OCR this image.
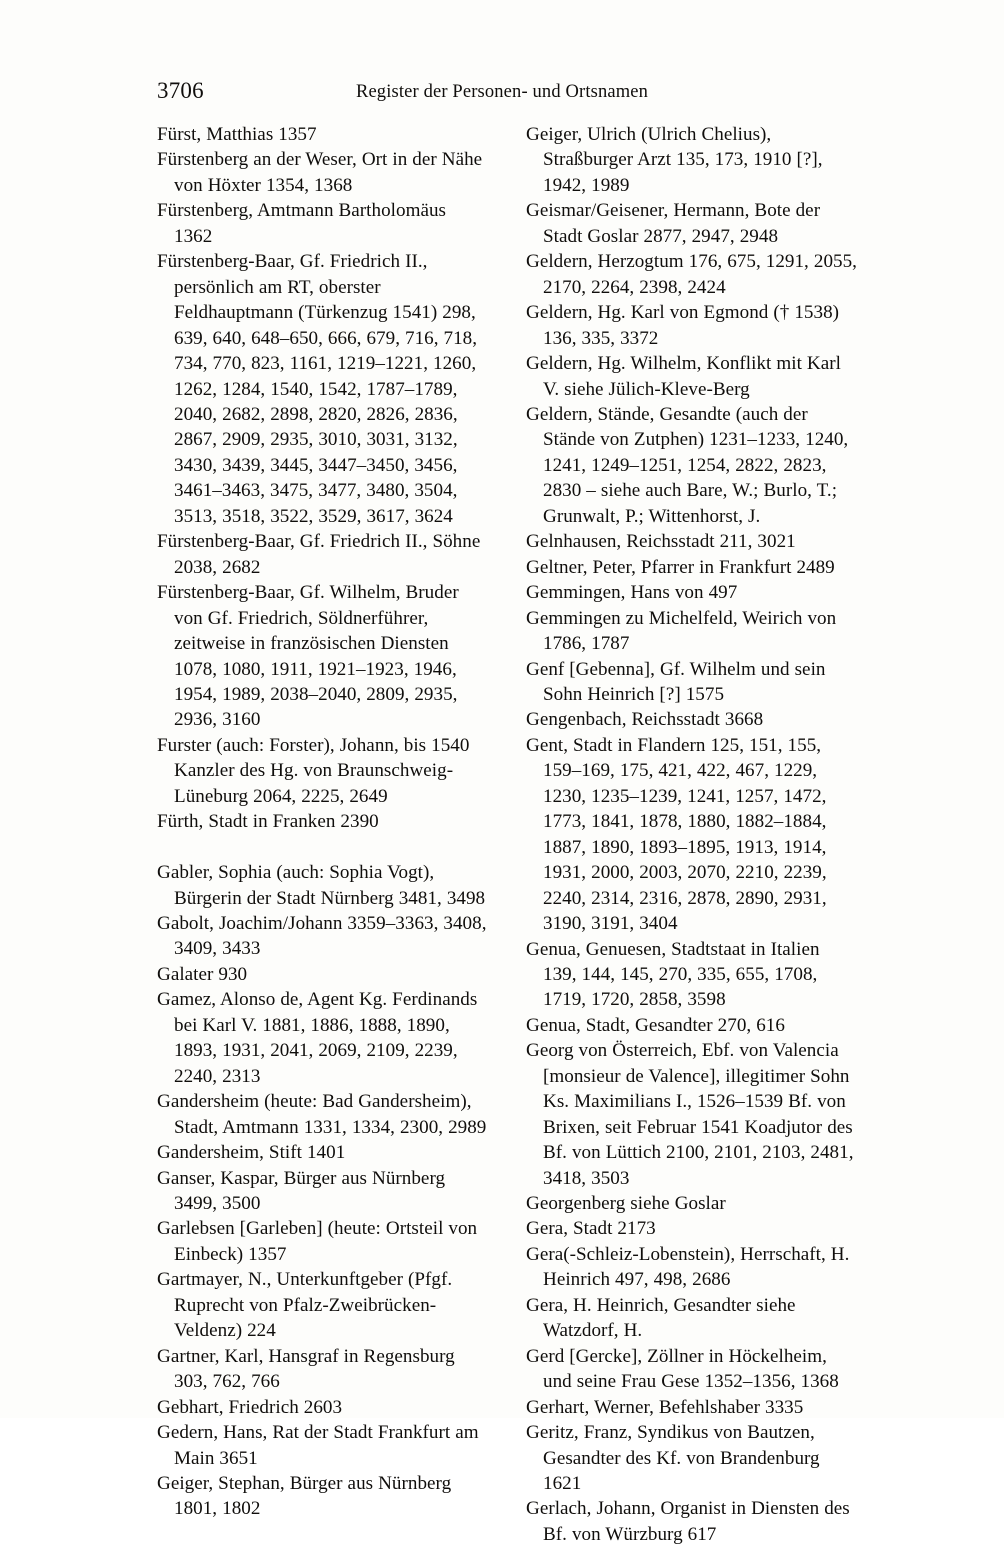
3706	Register der Personen- und Ortsnamen

Fürst, Matthias 1357

Fürstenberg an der Weser, Ort in der Nähe von Höxter 1354, 1368

Fürstenberg, Amtmann Bartholomäus 1362

Fürstenberg-Baar, Gf. Friedrich II., persönlich am RT, oberster Feldhauptmann (Türkenzug 1541) 298, 639, 640, 648–650, 666, 679, 716, 718, 734, 770, 823, 1161, 1219–1221, 1260, 1262, 1284, 1540, 1542, 1787–1789, 2040, 2682, 2898, 2820, 2826, 2836, 2867, 2909, 2935, 3010, 3031, 3132, 3430, 3439, 3445, 3447–3450, 3456, 3461–3463, 3475, 3477, 3480, 3504, 3513, 3518, 3522, 3529, 3617, 3624

Fürstenberg-Baar, Gf. Friedrich II., Söhne 2038, 2682

Fürstenberg-Baar, Gf. Wilhelm, Bruder von Gf. Friedrich, Söldnerführer, zeitweise in französischen Diensten 1078, 1080, 1911, 1921–1923, 1946, 1954, 1989, 2038–2040, 2809, 2935, 2936, 3160

Furster (auch: Forster), Johann, bis 1540 Kanzler des Hg. von Braunschweig-Lüneburg 2064, 2225, 2649

Fürth, Stadt in Franken 2390

Gabler, Sophia (auch: Sophia Vogt), Bürgerin der Stadt Nürnberg 3481, 3498

Gabolt, Joachim/Johann 3359–3363, 3408, 3409, 3433

Galater 930

Gamez, Alonso de, Agent Kg. Ferdinands bei Karl V. 1881, 1886, 1888, 1890, 1893, 1931, 2041, 2069, 2109, 2239, 2240, 2313

Gandersheim (heute: Bad Gandersheim), Stadt, Amtmann 1331, 1334, 2300, 2989

Gandersheim, Stift 1401

Ganser, Kaspar, Bürger aus Nürnberg 3499, 3500

Garlebsen [Garleben] (heute: Ortsteil von Einbeck) 1357

Gartmayer, N., Unterkunftgeber (Pfgf. Ruprecht von Pfalz-Zweibrücken-Veldenz) 224

Gartner, Karl, Hansgraf in Regensburg 303, 762, 766

Gebhart, Friedrich 2603

Gedern, Hans, Rat der Stadt Frankfurt am Main 3651

Geiger, Stephan, Bürger aus Nürnberg 1801, 1802

Geiger, Ulrich (Ulrich Chelius), Straßburger Arzt 135, 173, 1910 [?], 1942, 1989

Geismar/Geisener, Hermann, Bote der Stadt Goslar 2877, 2947, 2948

Geldern, Herzogtum 176, 675, 1291, 2055, 2170, 2264, 2398, 2424

Geldern, Hg. Karl von Egmond († 1538) 136, 335, 3372

Geldern, Hg. Wilhelm, Konflikt mit Karl V. siehe Jülich-Kleve-Berg

Geldern, Stände, Gesandte (auch der Stände von Zutphen) 1231–1233, 1240, 1241, 1249–1251, 1254, 2822, 2823, 2830 – siehe auch Bare, W.; Burlo, T.; Grunwalt, P.; Wittenhorst, J.

Gelnhausen, Reichsstadt 211, 3021

Geltner, Peter, Pfarrer in Frankfurt 2489

Gemmingen, Hans von 497

Gemmingen zu Michelfeld, Weirich von 1786, 1787

Genf [Gebenna], Gf. Wilhelm und sein Sohn Heinrich [?] 1575

Gengenbach, Reichsstadt 3668

Gent, Stadt in Flandern 125, 151, 155, 159–169, 175, 421, 422, 467, 1229, 1230, 1235–1239, 1241, 1257, 1472, 1773, 1841, 1878, 1880, 1882–1884, 1887, 1890, 1893–1895, 1913, 1914, 1931, 2000, 2003, 2070, 2210, 2239, 2240, 2314, 2316, 2878, 2890, 2931, 3190, 3191, 3404

Genua, Genuesen, Stadtstaat in Italien 139, 144, 145, 270, 335, 655, 1708, 1719, 1720, 2858, 3598

Genua, Stadt, Gesandter 270, 616

Georg von Österreich, Ebf. von Valencia [monsieur de Valence], illegitimer Sohn Ks. Maximilians I., 1526–1539 Bf. von Brixen, seit Februar 1541 Koadjutor des Bf. von Lüttich 2100, 2101, 2103, 2481, 3418, 3503

Georgenberg siehe Goslar

Gera, Stadt 2173

Gera(-Schleiz-Lobenstein), Herrschaft, H. Heinrich 497, 498, 2686

Gera, H. Heinrich, Gesandter siehe Watzdorf, H.

Gerd [Gercke], Zöllner in Höckelheim, und seine Frau Gese 1352–1356, 1368

Gerhart, Werner, Befehlshaber 3335

Geritz, Franz, Syndikus von Bautzen, Gesandter des Kf. von Brandenburg 1621

Gerlach, Johann, Organist in Diensten des Bf. von Würzburg 617
